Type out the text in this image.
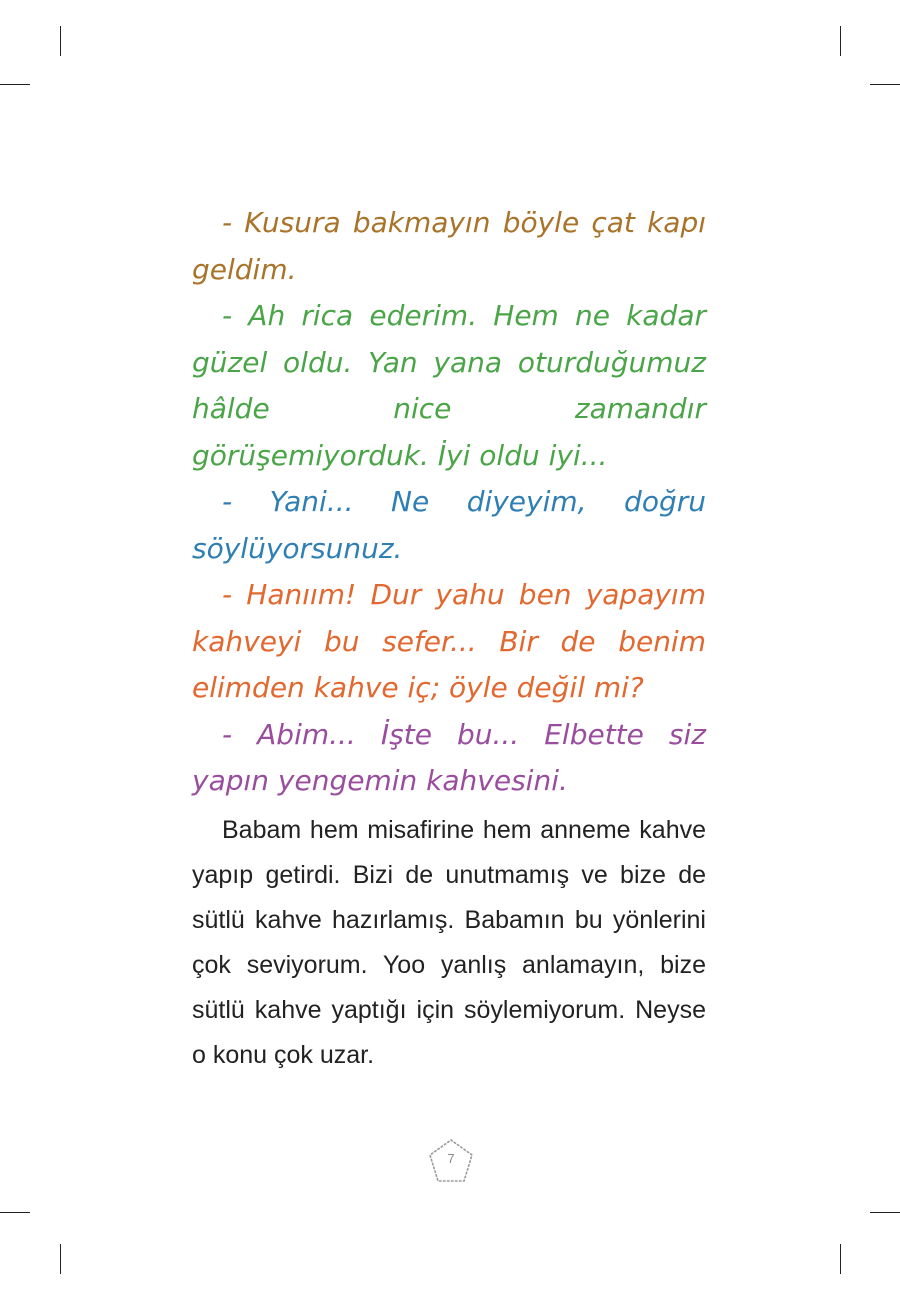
- Kusura bakmayın böyle çat kapı geldim.

- Ah rica ederim. Hem ne kadar güzel oldu. Yan yana oturduğumuz hâlde nice zamandır görüşemiyorduk. İyi oldu iyi...

- Yani... Ne diyeyim, doğru söylüyorsunuz.

- Hanıım! Dur yahu ben yapayım kahveyi bu sefer... Bir de benim elimden kahve iç; öyle değil mi?

- Abim... İşte bu... Elbette siz yapın yengemin kahvesini.

Babam hem misafirine hem anneme kahve yapıp getirdi. Bizi de unutmamış ve bize de sütlü kahve hazırlamış. Babamın bu yönlerini çok seviyorum. Yoo yanlış anlamayın, bize sütlü kahve yaptığı için söylemiyorum. Neyse o konu çok uzar.

7
